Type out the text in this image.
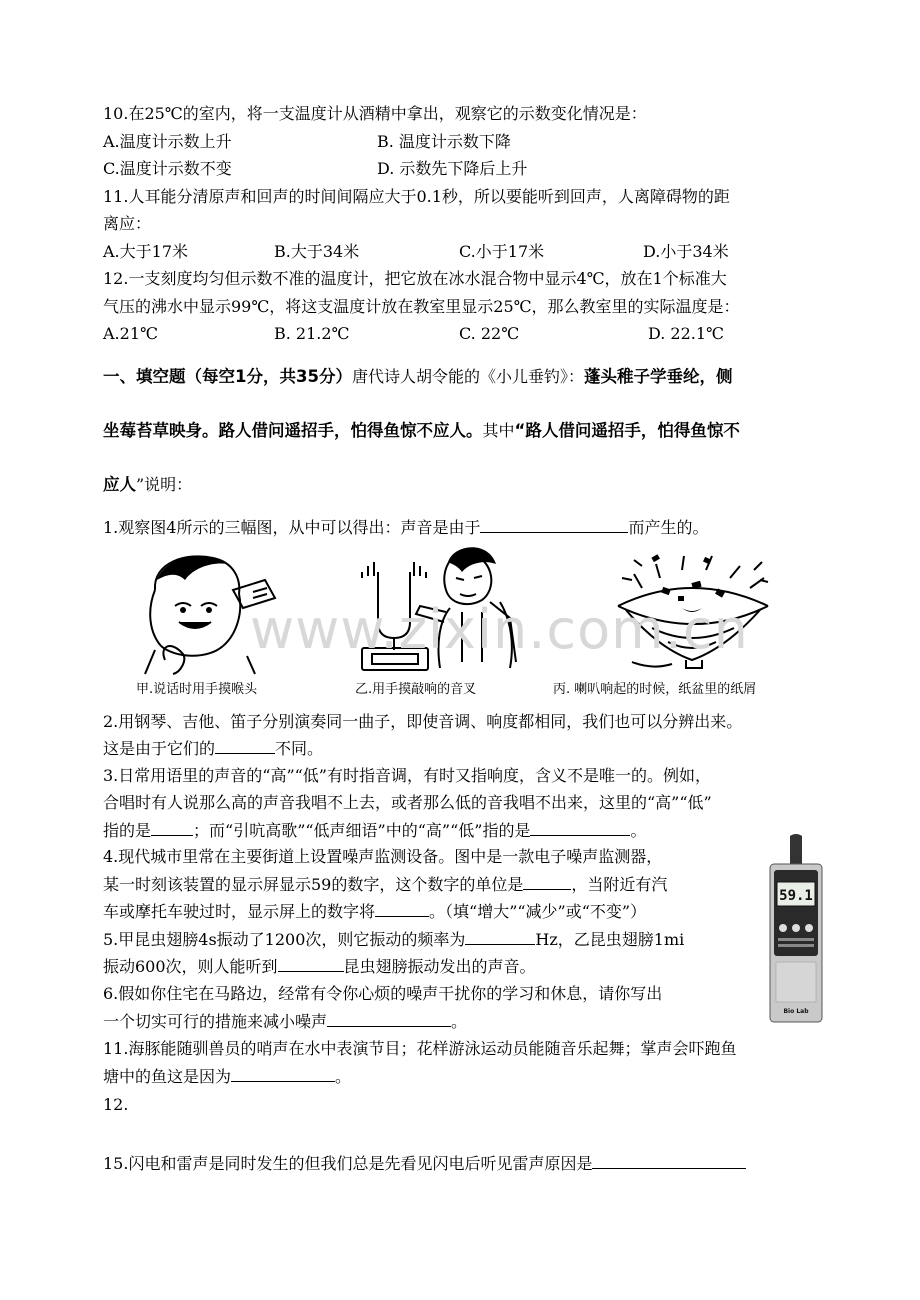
10.在25℃的室内，将一支温度计从酒精中拿出，观察它的示数变化情况是：
A.温度计示数上升	B. 温度计示数下降
C.温度计示数不变	D. 示数先下降后上升
11.人耳能分清原声和回声的时间间隔应大于0.1秒，所以要能听到回声，人离障碍物的距
离应：
A.大于17米	B.大于34米	C.小于17米	D.小于34米
12.一支刻度均匀但示数不准的温度计，把它放在冰水混合物中显示4℃，放在1个标准大
气压的沸水中显示99℃，将这支温度计放在教室里显示25℃，那么教室里的实际温度是：
A.21℃	B. 21.2℃	C. 22℃	D. 22.1℃
一、填空题（每空1分，共35分）唐代诗人胡令能的《小儿垂钓》：蓬头稚子学垂纶，侧
坐莓苔草映身。路人借问遥招手，怕得鱼惊不应人。其中“路人借问遥招手，怕得鱼惊不
应人”说明：
1.观察图4所示的三幅图，从中可以得出：声音是由于	而产生的。
www.zixin.com.cn
甲.说话时用手摸喉头	乙.用手摸敲响的音叉	丙. 喇叭响起的时候，纸盆里的纸屑
2.用钢琴、吉他、笛子分别演奏同一曲子，即使音调、响度都相同，我们也可以分辨出来。
这是由于它们的	不同。
3.日常用语里的声音的“高”“低”有时指音调，有时又指响度，含义不是唯一的。例如，
合唱时有人说那么高的声音我唱不上去，或者那么低的音我唱不出来，这里的“高”“低”
指的是	；而“引吭高歌”“低声细语”中的“高”“低”指的是	。
4.现代城市里常在主要街道上设置噪声监测设备。图中是一款电子噪声监测器，
某一时刻该装置的显示屏显示59的数字，这个数字的单位是	，当附近有汽
车或摩托车驶过时，显示屏上的数字将	。（填“增大”“减少”或“不变”）
59.1
Bio Lab
5.甲昆虫翅膀4s振动了1200次，则它振动的频率为	Hz，乙昆虫翅膀1mi
振动600次，则人能听到	昆虫翅膀振动发出的声音。
6.假如你住宅在马路边，经常有令你心烦的噪声干扰你的学习和休息，请你写出
一个切实可行的措施来减小噪声	。
11.海豚能随驯兽员的哨声在水中表演节目；花样游泳运动员能随音乐起舞；掌声会吓跑鱼
塘中的鱼这是因为	。
12.
15.闪电和雷声是同时发生的但我们总是先看见闪电后听见雷声原因是
